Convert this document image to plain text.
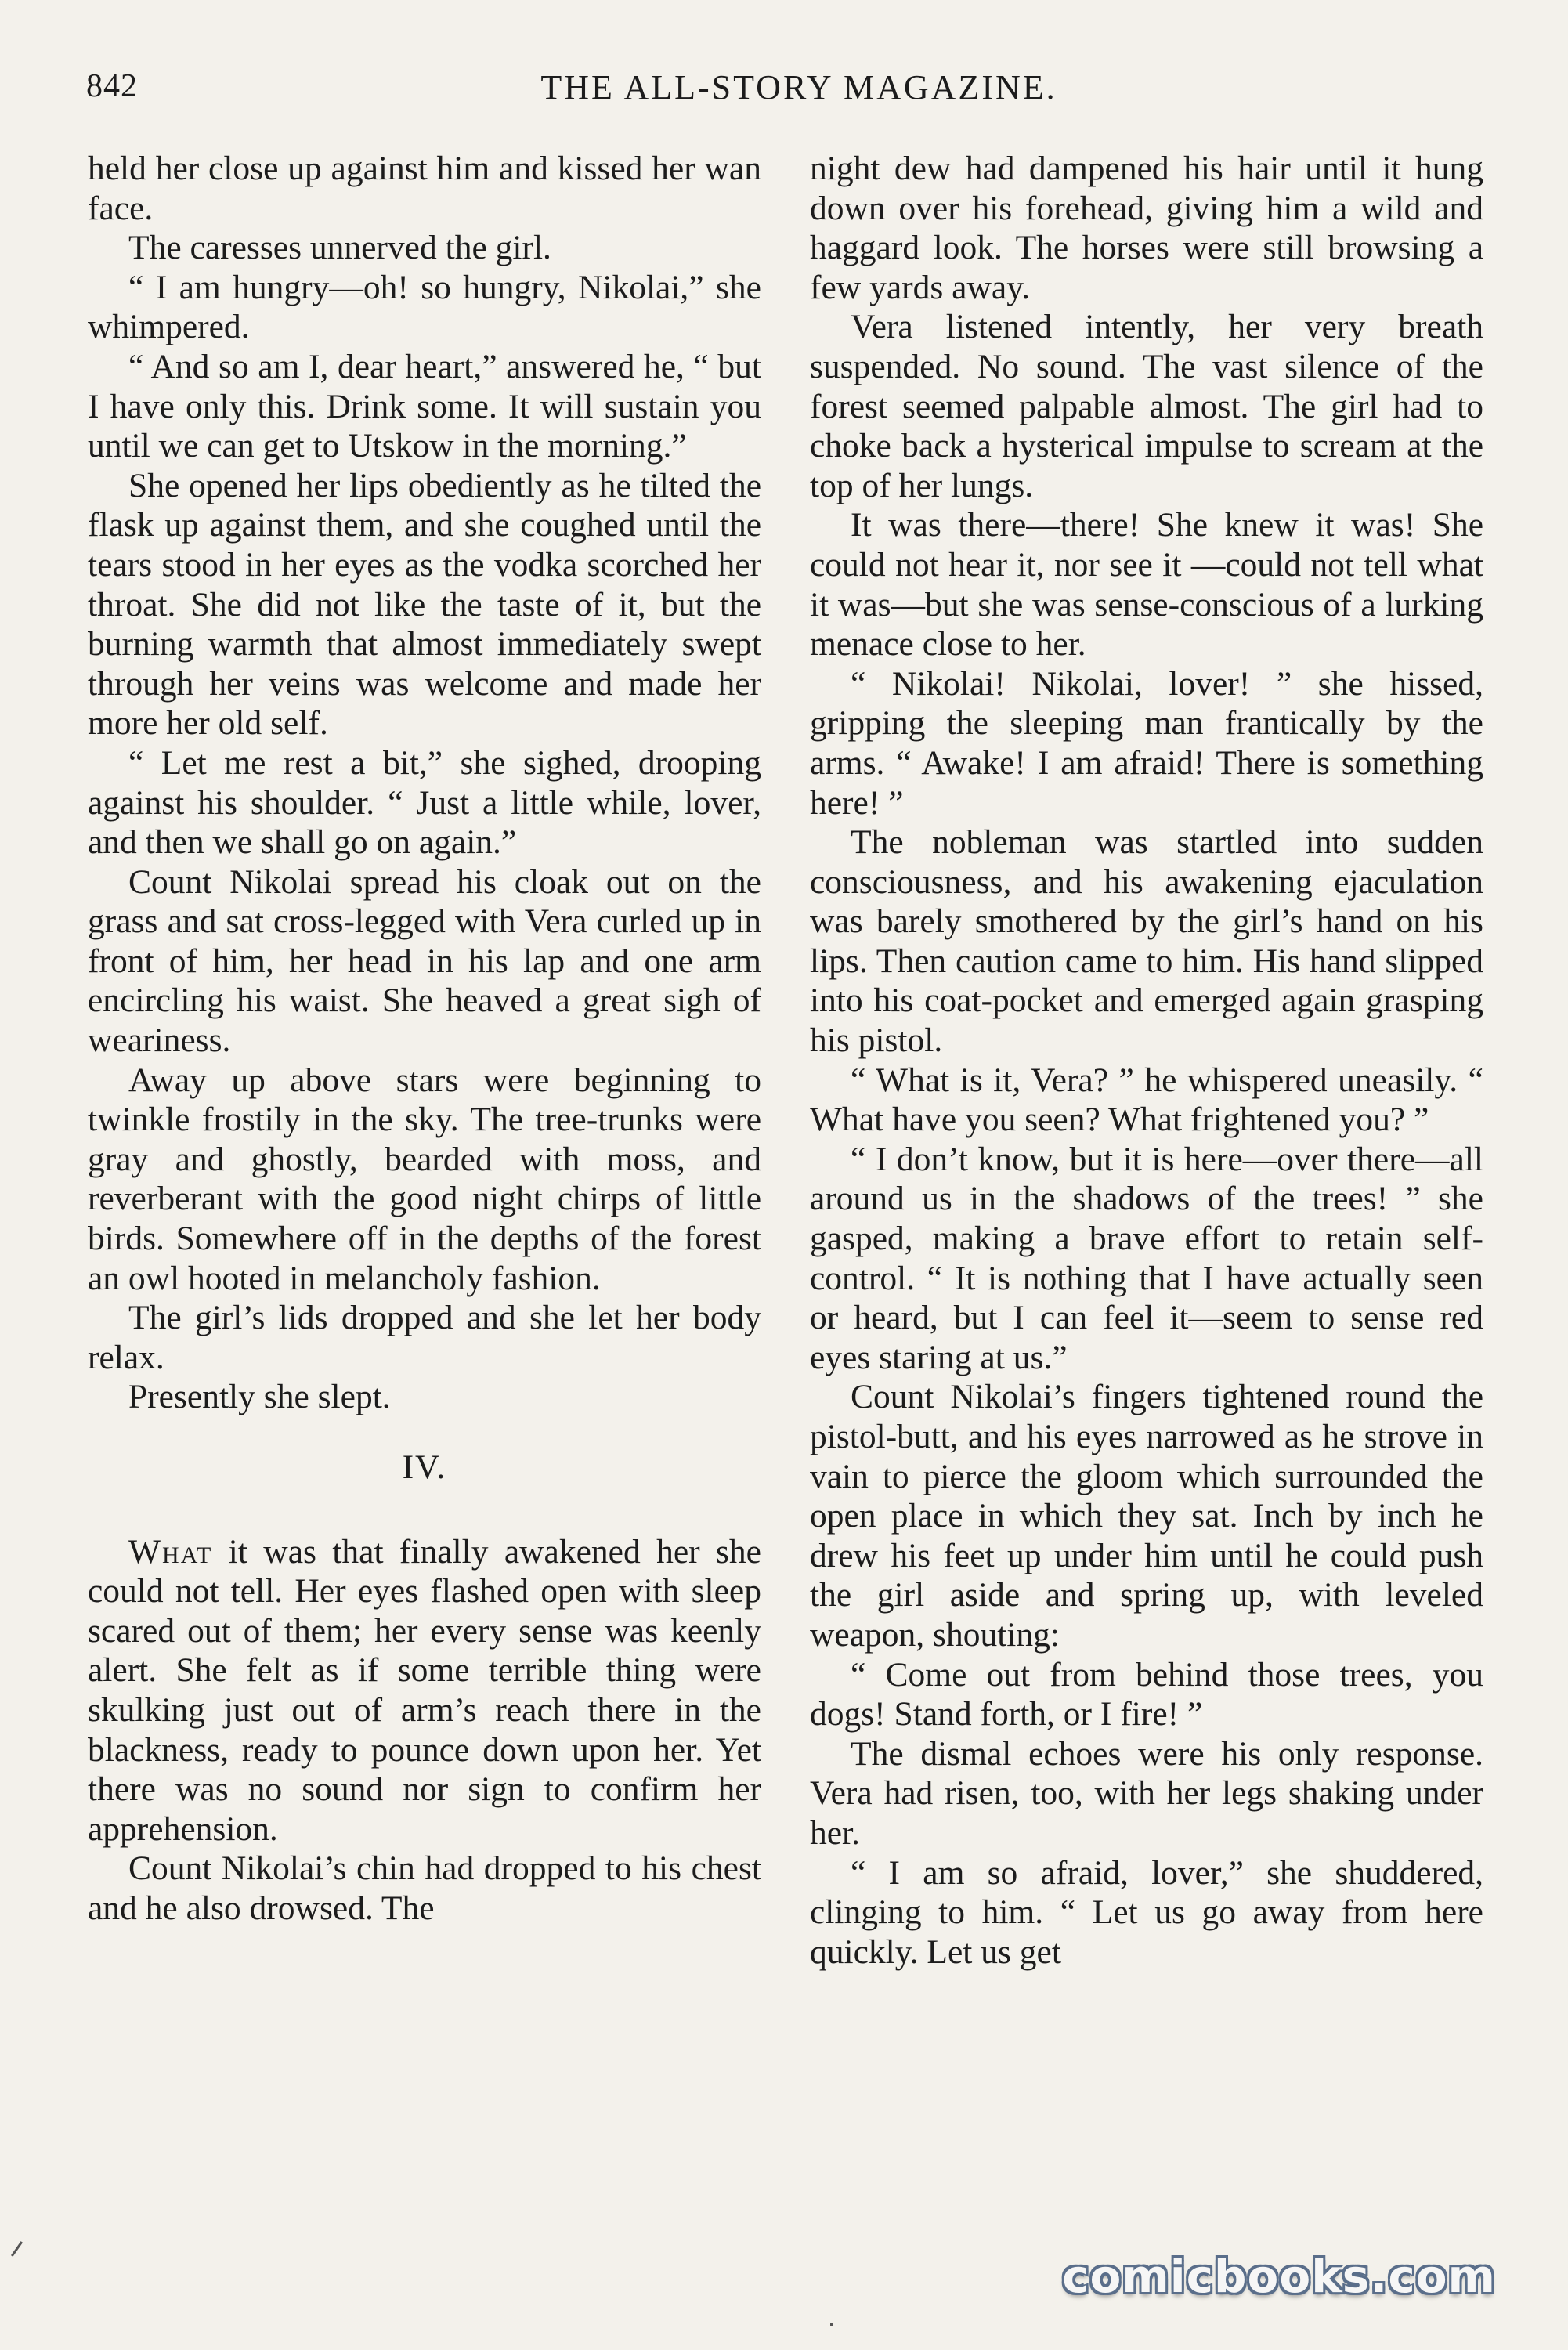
842	THE ALL-STORY MAGAZINE.

held her close up against him and kissed her wan face.

The caresses unnerved the girl.

“ I am hungry—oh! so hungry, Nikolai,” she whimpered.

“ And so am I, dear heart,” answered he, “ but I have only this. Drink some. It will sustain you until we can get to Utskow in the morning.”

She opened her lips obediently as he tilted the flask up against them, and she coughed until the tears stood in her eyes as the vodka scorched her throat. She did not like the taste of it, but the burning warmth that almost immediately swept through her veins was welcome and made her more her old self.

“ Let me rest a bit,” she sighed, drooping against his shoulder. “ Just a little while, lover, and then we shall go on again.”

Count Nikolai spread his cloak out on the grass and sat cross-legged with Vera curled up in front of him, her head in his lap and one arm encircling his waist. She heaved a great sigh of weariness.

Away up above stars were beginning to twinkle frostily in the sky. The tree-trunks were gray and ghostly, bearded with moss, and reverberant with the good night chirps of little birds. Somewhere off in the depths of the forest an owl hooted in melancholy fashion.

The girl’s lids dropped and she let her body relax.

Presently she slept.

IV.

What it was that finally awakened her she could not tell. Her eyes flashed open with sleep scared out of them; her every sense was keenly alert. She felt as if some terrible thing were skulking just out of arm’s reach there in the blackness, ready to pounce down upon her. Yet there was no sound nor sign to confirm her apprehension.

Count Nikolai’s chin had dropped to his chest and he also drowsed. The

night dew had dampened his hair until it hung down over his forehead, giving him a wild and haggard look. The horses were still browsing a few yards away.

Vera listened intently, her very breath suspended. No sound. The vast silence of the forest seemed palpable almost. The girl had to choke back a hysterical impulse to scream at the top of her lungs.

It was there—there! She knew it was! She could not hear it, nor see it —could not tell what it was—but she was sense-conscious of a lurking menace close to her.

“ Nikolai! Nikolai, lover! ” she hissed, gripping the sleeping man frantically by the arms. “ Awake! I am afraid! There is something here! ”

The nobleman was startled into sudden consciousness, and his awakening ejaculation was barely smothered by the girl’s hand on his lips. Then caution came to him. His hand slipped into his coat-pocket and emerged again grasping his pistol.

“ What is it, Vera? ” he whispered uneasily. “ What have you seen? What frightened you? ”

“ I don’t know, but it is here—over there—all around us in the shadows of the trees! ” she gasped, making a brave effort to retain self-control. “ It is nothing that I have actually seen or heard, but I can feel it—seem to sense red eyes staring at us.”

Count Nikolai’s fingers tightened round the pistol-butt, and his eyes narrowed as he strove in vain to pierce the gloom which surrounded the open place in which they sat. Inch by inch he drew his feet up under him until he could push the girl aside and spring up, with leveled weapon, shouting:

“ Come out from behind those trees, you dogs! Stand forth, or I fire! ”

The dismal echoes were his only response. Vera had risen, too, with her legs shaking under her.

“ I am so afraid, lover,” she shuddered, clinging to him. “ Let us go away from here quickly. Let us get

comicbooks.com
